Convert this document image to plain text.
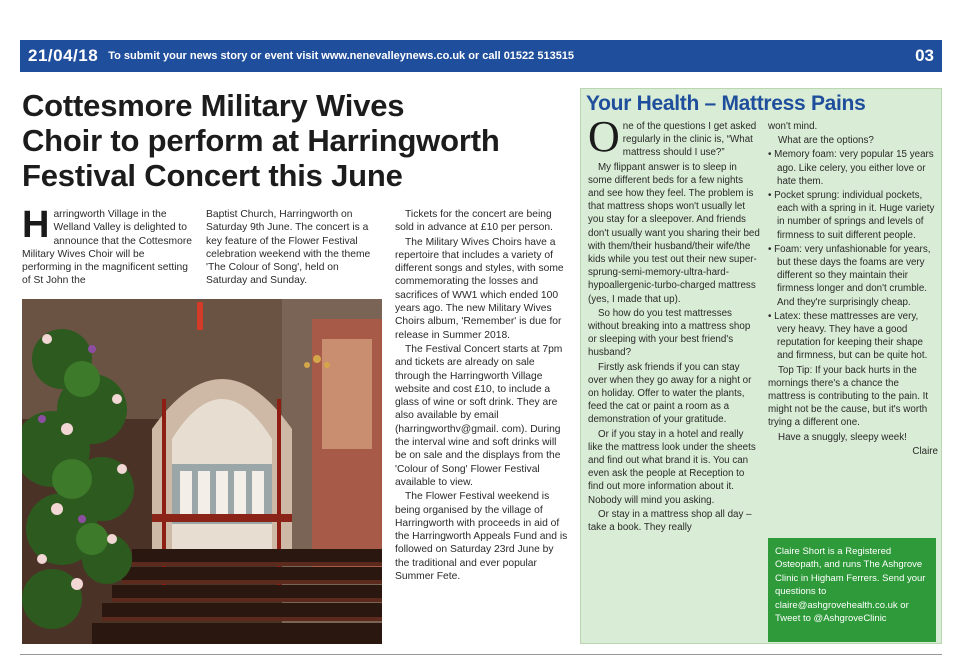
21/04/18 To submit your news story or event visit www.nenevalleynews.co.uk or call 01522 513515	03
Cottesmore Military Wives
Choir to perform at Harringworth
Festival Concert this June

Harringworth Village in the Welland Valley is delighted to announce that the Cottesmore Military Wives Choir will be performing in the magnificent setting of St John the

Baptist Church, Harringworth on Saturday 9th June. The concert is a key feature of the Flower Festival celebration weekend with the theme 'The Colour of Song', held on Saturday and Sunday.

Tickets for the concert are being sold in advance at £10 per person.

The Military Wives Choirs have a repertoire that includes a variety of different songs and styles, with some commemorating the losses and sacrifices of WW1 which ended 100 years ago. The new Military Wives Choirs album, 'Remember' is due for release in Summer 2018.

The Festival Concert starts at 7pm and tickets are already on sale through the Harringworth Village website and cost £10, to include a glass of wine or soft drink. They are also available by email (harringworthv@gmail. com). During the interval wine and soft drinks will be on sale and the displays from the 'Colour of Song' Flower Festival available to view.

The Flower Festival weekend is being organised by the village of Harringworth with proceeds in aid of the Harringworth Appeals Fund and is followed on Saturday 23rd June by the traditional and ever popular Summer Fete.

Your Health – Mattress Pains

One of the questions I get asked regularly in the clinic is, “What mattress should I use?”

My flippant answer is to sleep in some different beds for a few nights and see how they feel. The problem is that mattress shops won't usually let you stay for a sleepover. And friends don't usually want you sharing their bed with them/their husband/their wife/the kids while you test out their new super-sprung-semi-memory-ultra-hard-hypoallergenic-turbo-charged mattress (yes, I made that up).

So how do you test mattresses without breaking into a mattress shop or sleeping with your best friend's husband?

Firstly ask friends if you can stay over when they go away for a night or on holiday. Offer to water the plants, feed the cat or paint a room as a demonstration of your gratitude.

Or if you stay in a hotel and really like the mattress look under the sheets and find out what brand it is. You can even ask the people at Reception to find out more information about it. Nobody will mind you asking.

Or stay in a mattress shop all day – take a book. They really

won't mind.

What are the options?

• Memory foam: very popular 15 years ago. Like celery, you either love or hate them.

• Pocket sprung: individual pockets, each with a spring in it. Huge variety in number of springs and levels of firmness to suit different people.

• Foam: very unfashionable for years, but these days the foams are very different so they maintain their firmness longer and don't crumble. And they're surprisingly cheap.

• Latex: these mattresses are very, very heavy. They have a good reputation for keeping their shape and firmness, but can be quite hot.

Top Tip: If your back hurts in the mornings there's a chance the mattress is contributing to the pain. It might not be the cause, but it's worth trying a different one.

Have a snuggly, sleepy week!

Claire

Claire Short is a Registered Osteopath, and runs The Ashgrove Clinic in Higham Ferrers. Send your questions to claire@ashgrovehealth.co.uk or Tweet to @AshgroveClinic
